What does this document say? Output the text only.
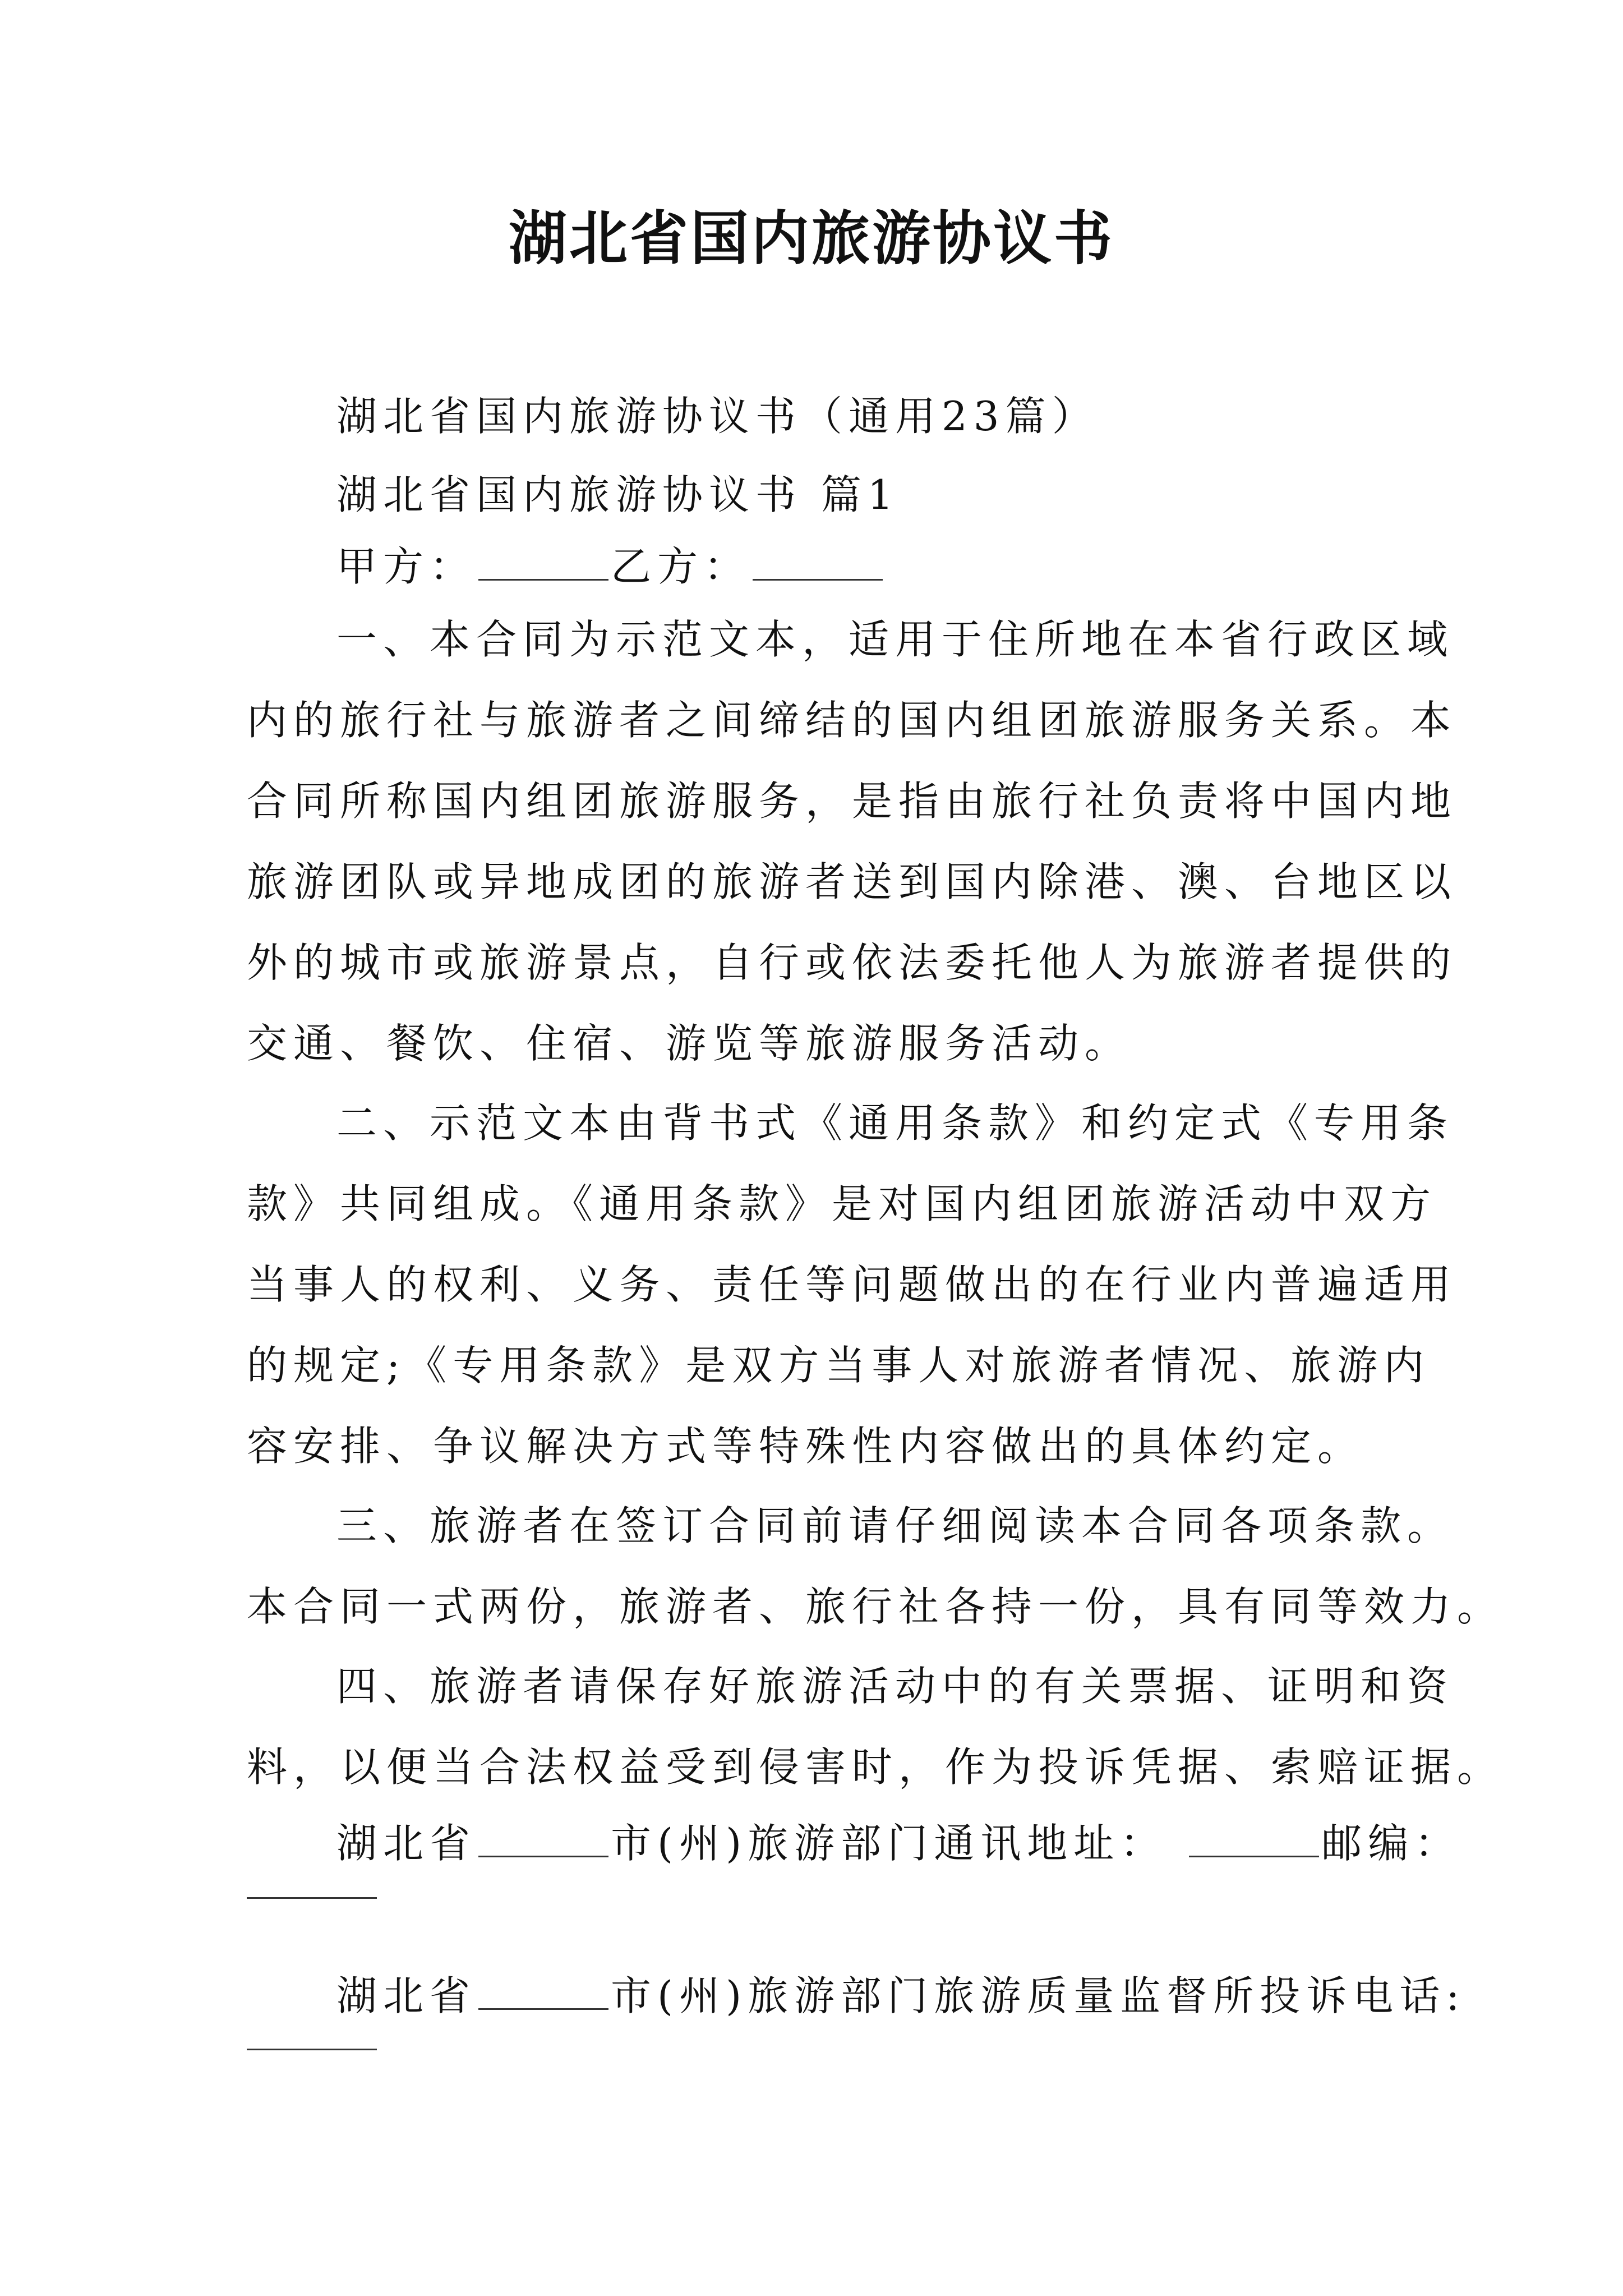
湖北省国内旅游协议书
湖北省国内旅游协议书（通用23篇）
湖北省国内旅游协议书 篇1
甲方：	乙方：
一、本合同为示范文本，适用于住所地在本省行政区域
内的旅行社与旅游者之间缔结的国内组团旅游服务关系。本
合同所称国内组团旅游服务，是指由旅行社负责将中国内地
旅游团队或异地成团的旅游者送到国内除港、澳、台地区以
外的城市或旅游景点，自行或依法委托他人为旅游者提供的
交通、餐饮、住宿、游览等旅游服务活动。
二、示范文本由背书式《通用条款》和约定式《专用条
款》共同组成。《通用条款》是对国内组团旅游活动中双方
当事人的权利、义务、责任等问题做出的在行业内普遍适用
的规定;《专用条款》是双方当事人对旅游者情况、旅游内
容安排、争议解决方式等特殊性内容做出的具体约定。
三、旅游者在签订合同前请仔细阅读本合同各项条款。
本合同一式两份，旅游者、旅行社各持一份，具有同等效力。
四、旅游者请保存好旅游活动中的有关票据、证明和资
料，以便当合法权益受到侵害时，作为投诉凭据、索赔证据。
湖北省	市(州)旅游部门通讯地址：	邮编：
湖北省	市(州)旅游部门旅游质量监督所投诉电话:
